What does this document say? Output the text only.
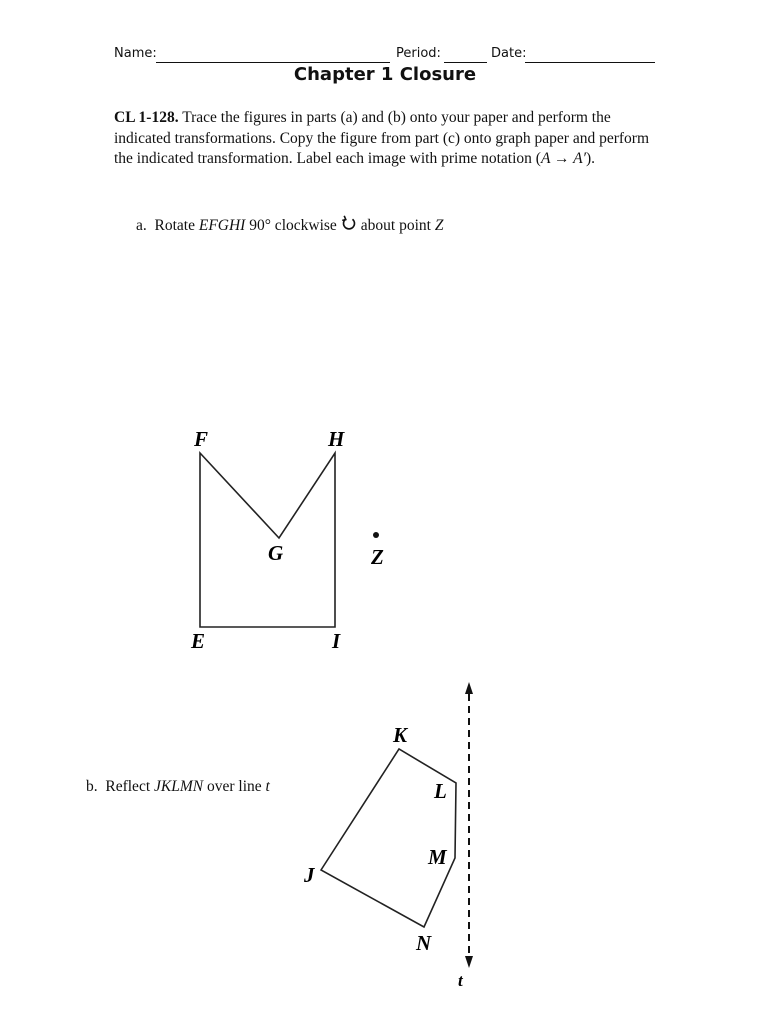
Name:	Period:	Date:
Chapter 1 Closure
CL 1-128. Trace the figures in parts (a) and (b) onto your paper and perform the indicated transformations. Copy the figure from part (c) onto graph paper and perform the indicated transformation. Label each image with prime notation (A → A′).
a. Rotate EFGHI 90° clockwise about point Z
b. Reflect JKLMN over line t
F	H
G	Z
E	I
K
L
M
J
N
t
